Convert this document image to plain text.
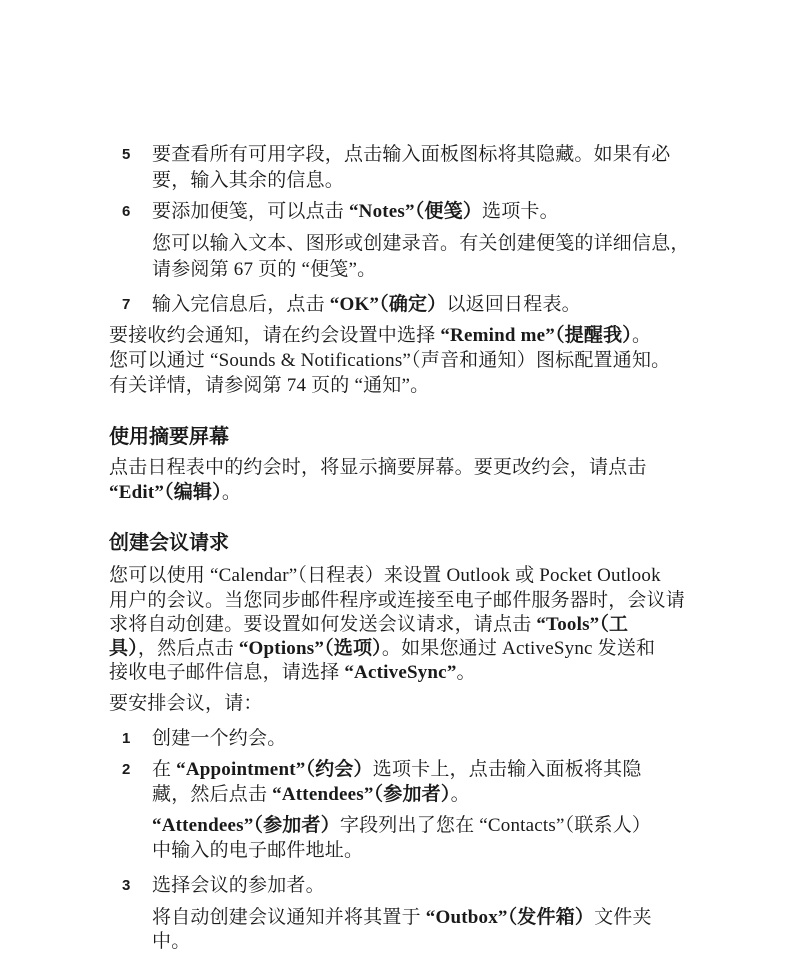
5 要查看所有可用字段，点击输入面板图标将其隐藏。如果有必
要，输入其余的信息。
6 要添加便笺，可以点击 “Notes”（便笺）选项卡。
您可以输入文本、图形或创建录音。有关创建便笺的详细信息，
请参阅第 67 页的 “便笺”。
7 输入完信息后，点击 “OK”（确定）以返回日程表。
要接收约会通知，请在约会设置中选择 “Remind me”（提醒我）。
您可以通过 “Sounds & Notifications”（声音和通知）图标配置通知。
有关详情，请参阅第 74 页的 “通知”。
使用摘要屏幕
点击日程表中的约会时，将显示摘要屏幕。要更改约会，请点击
“Edit”（编辑）。
创建会议请求
您可以使用 “Calendar”（日程表）来设置 Outlook 或 Pocket Outlook
用户的会议。当您同步邮件程序或连接至电子邮件服务器时，会议请
求将自动创建。要设置如何发送会议请求，请点击 “Tools”（工
具），然后点击 “Options”（选项）。如果您通过 ActiveSync 发送和
接收电子邮件信息，请选择 “ActiveSync”。
要安排会议，请：
1 创建一个约会。
2 在 “Appointment”（约会）选项卡上，点击输入面板将其隐
藏，然后点击 “Attendees”（参加者）。
“Attendees”（参加者）字段列出了您在 “Contacts”（联系人）
中输入的电子邮件地址。
3 选择会议的参加者。
将自动创建会议通知并将其置于 “Outbox”（发件箱）文件夹
中。
